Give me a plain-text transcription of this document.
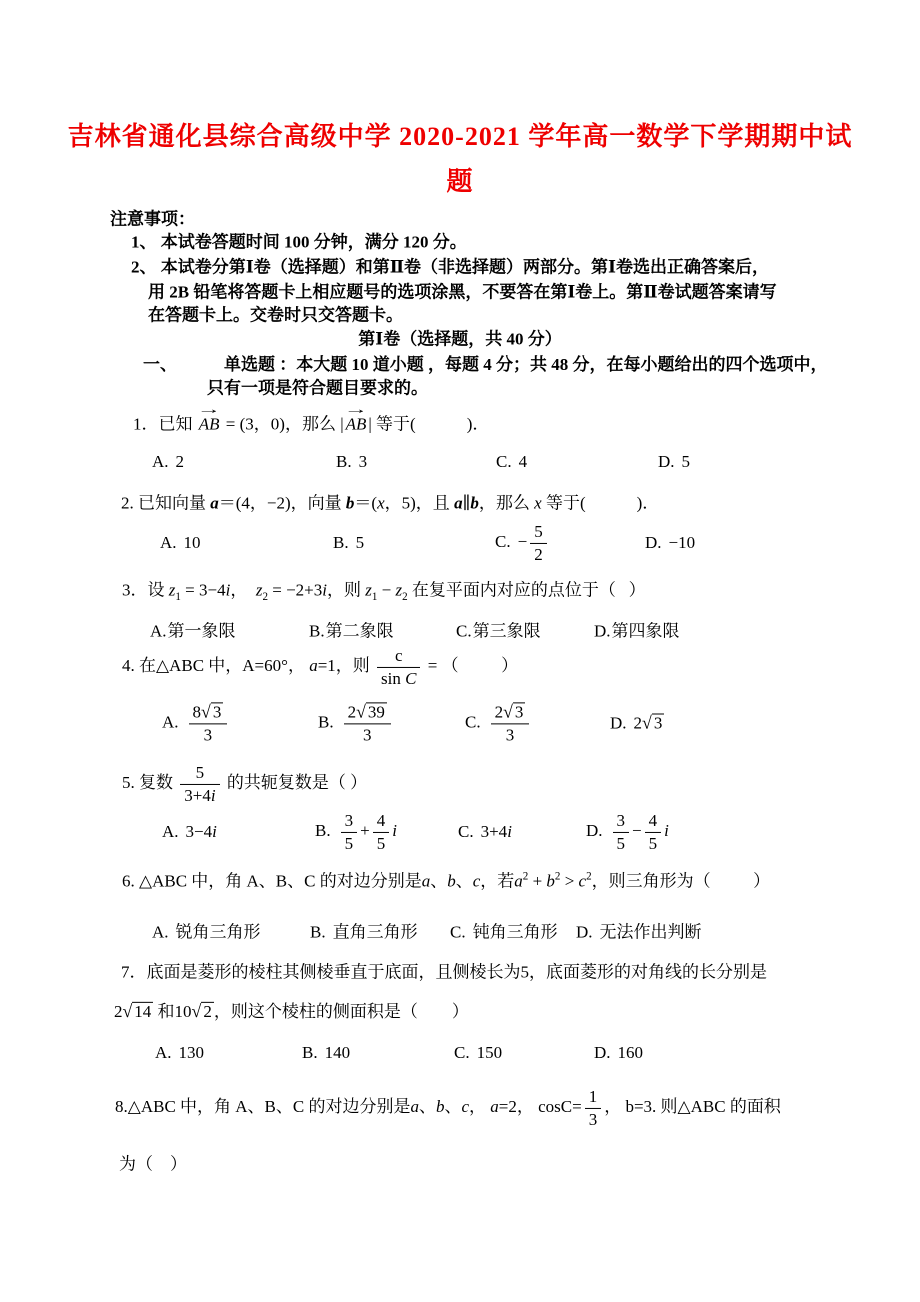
吉林省通化县综合高级中学 2020-2021 学年高一数学下学期期中试
题
注意事项：
1、 本试卷答题时间 100 分钟，满分 120 分。
2、 本试卷分第Ⅰ卷（选择题）和第Ⅱ卷（非选择题）两部分。第Ⅰ卷选出正确答案后，
用 2B 铅笔将答题卡上相应题号的选项涂黑，不要答在第Ⅰ卷上。第Ⅱ卷试题答案请写
在答题卡上。交卷时只交答题卡。
第Ⅰ卷（选择题，共 40 分）

一、	单选题 ：本大题 10 道小题 ，每题 4 分；共 48 分，在每小题给出的四个选项中，

只有一项是符合题目要求的。
1．已知
→
AB = (3，0)，那么 |
→
AB | 等于(            )．
A. 2	B. 3	C. 4	D. 5
2. 已知向量 a＝(4，−2)，向量 b＝(x，5)，且 a∥b，那么 x 等于(            )．
A. 10	B. 5	C. − $\frac{5}{2}$	D. −10
3．设 $z_1 = 3-4i$，  $z_2 = -2+3i$，则 $z_1 - z_2$ 在复平面内对应的点位于（   ）
A.第一象限	B.第二象限	C.第三象限	D.第四象限
4. 在△ABC 中，A=60°， a=1，则 $\frac{c}{\text{sin C}}$ = （          ）
A. $\frac{8√ 3}{3}$	B. $\frac{2√ 39}{3}$	C. $\frac{2√ 3}{3}$	D. 2√ 3
5. 复数 $\frac{5}{3+4i}$ 的共轭复数是（ ）
A. 3−4i	B. $\frac{3}{5} + \frac{4}{5}$ i	C. 3+4i	D. $\frac{3}{5} - \frac{4}{5}$ i
6. △ABC 中，角 A、B、C 的对边分别是a、b、c，若$a^2 + b^2 > c^2$，则三角形为（          ）
A. 锐角三角形	B. 直角三角形 C. 钝角三角形 D. 无法作出判断
7．底面是菱形的棱柱其侧棱垂直于底面，且侧棱长为5，底面菱形的对角线的长分别是
2√ 14 和10√ 2 ，则这个棱柱的侧面积是（        ）
A. 130	B. 140	C. 150	D. 160
8.△ABC 中，角 A、B、C 的对边分别是a、b、c， a=2， $\cos C= \frac{1}{3}$ ， b=3. 则△ABC 的面积
为（    ）
